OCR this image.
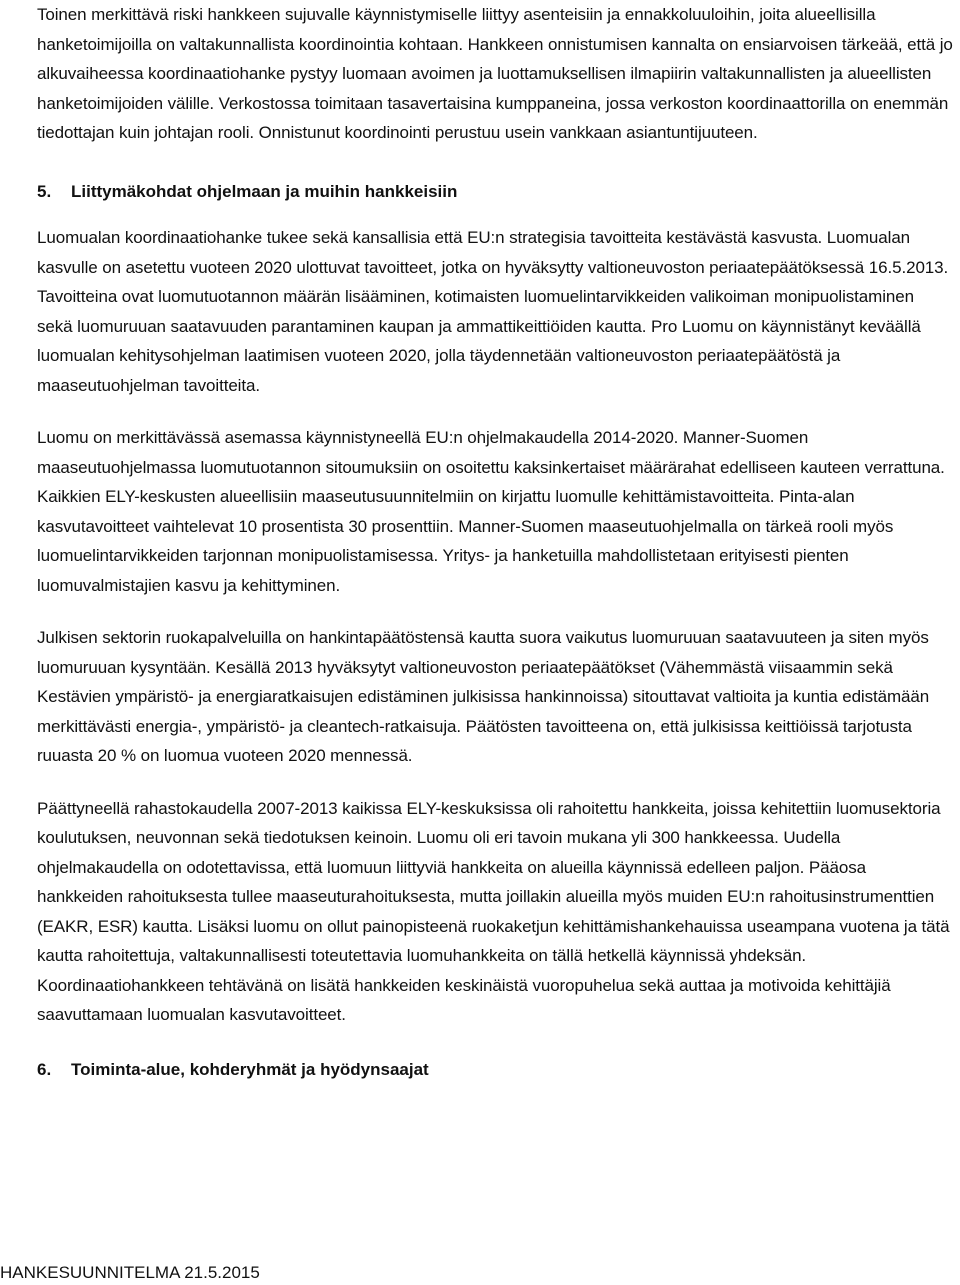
Toinen merkittävä riski hankkeen sujuvalle käynnistymiselle liittyy asenteisiin ja ennakkoluuloihin, joita alueellisilla hanketoimijoilla on valtakunnallista koordinointia kohtaan. Hankkeen onnistumisen kannalta on ensiarvoisen tärkeää, että jo alkuvaiheessa koordinaatiohanke pystyy luomaan avoimen ja luottamuksellisen ilmapiirin valtakunnallisten ja alueellisten hanketoimijoiden välille. Verkostossa toimitaan tasavertaisina kumppaneina, jossa verkoston koordinaattorilla on enemmän tiedottajan kuin johtajan rooli. Onnistunut koordinointi perustuu usein vankkaan asiantuntijuuteen.

5. Liittymäkohdat ohjelmaan ja muihin hankkeisiin

Luomualan koordinaatiohanke tukee sekä kansallisia että EU:n strategisia tavoitteita kestävästä kasvusta. Luomualan kasvulle on asetettu vuoteen 2020 ulottuvat tavoitteet, jotka on hyväksytty valtioneuvoston periaatepäätöksessä 16.5.2013. Tavoitteina ovat luomutuotannon määrän lisääminen, kotimaisten luomuelintarvikkeiden valikoiman monipuolistaminen sekä luomuruuan saatavuuden parantaminen kaupan ja ammattikeittiöiden kautta. Pro Luomu on käynnistänyt keväällä luomualan kehitysohjelman laatimisen vuoteen 2020, jolla täydennetään valtioneuvoston periaatepäätöstä ja maaseutuohjelman tavoitteita.

Luomu on merkittävässä asemassa käynnistyneellä EU:n ohjelmakaudella 2014-2020. Manner-Suomen maaseutuohjelmassa luomutuotannon sitoumuksiin on osoitettu kaksinkertaiset määrärahat edelliseen kauteen verrattuna. Kaikkien ELY-keskusten alueellisiin maaseutusuunnitelmiin on kirjattu luomulle kehittämistavoitteita. Pinta-alan kasvutavoitteet vaihtelevat 10 prosentista 30 prosenttiin. Manner-Suomen maaseutuohjelmalla on tärkeä rooli myös luomuelintarvikkeiden tarjonnan monipuolistamisessa. Yritys- ja hanketuilla mahdollistetaan erityisesti pienten luomuvalmistajien kasvu ja kehittyminen.

Julkisen sektorin ruokapalveluilla on hankintapäätöstensä kautta suora vaikutus luomuruuan saatavuuteen ja siten myös luomuruuan kysyntään. Kesällä 2013 hyväksytyt valtioneuvoston periaatepäätökset (Vähemmästä viisaammin sekä Kestävien ympäristö- ja energiaratkaisujen edistäminen julkisissa hankinnoissa) sitouttavat valtioita ja kuntia edistämään merkittävästi energia-, ympäristö- ja cleantech-ratkaisuja. Päätösten tavoitteena on, että julkisissa keittiöissä tarjotusta ruuasta 20 % on luomua vuoteen 2020 mennessä.

Päättyneellä rahastokaudella 2007-2013 kaikissa ELY-keskuksissa oli rahoitettu hankkeita, joissa kehitettiin luomusektoria koulutuksen, neuvonnan sekä tiedotuksen keinoin. Luomu oli eri tavoin mukana yli 300 hankkeessa. Uudella ohjelmakaudella on odotettavissa, että luomuun liittyviä hankkeita on alueilla käynnissä edelleen paljon. Pääosa hankkeiden rahoituksesta tullee maaseuturahoituksesta, mutta joillakin alueilla myös muiden EU:n rahoitusinstrumenttien (EAKR, ESR) kautta. Lisäksi luomu on ollut painopisteenä ruokaketjun kehittämishankehauissa useampana vuotena ja tätä kautta rahoitettuja, valtakunnallisesti toteutettavia luomuhankkeita on tällä hetkellä käynnissä yhdeksän. Koordinaatiohankkeen tehtävänä on lisätä hankkeiden keskinäistä vuoropuhelua sekä auttaa ja motivoida kehittäjiä saavuttamaan luomualan kasvutavoitteet.

6. Toiminta-alue, kohderyhmät ja hyödynsaajat
HANKESUUNNITELMA 21.5.2015
